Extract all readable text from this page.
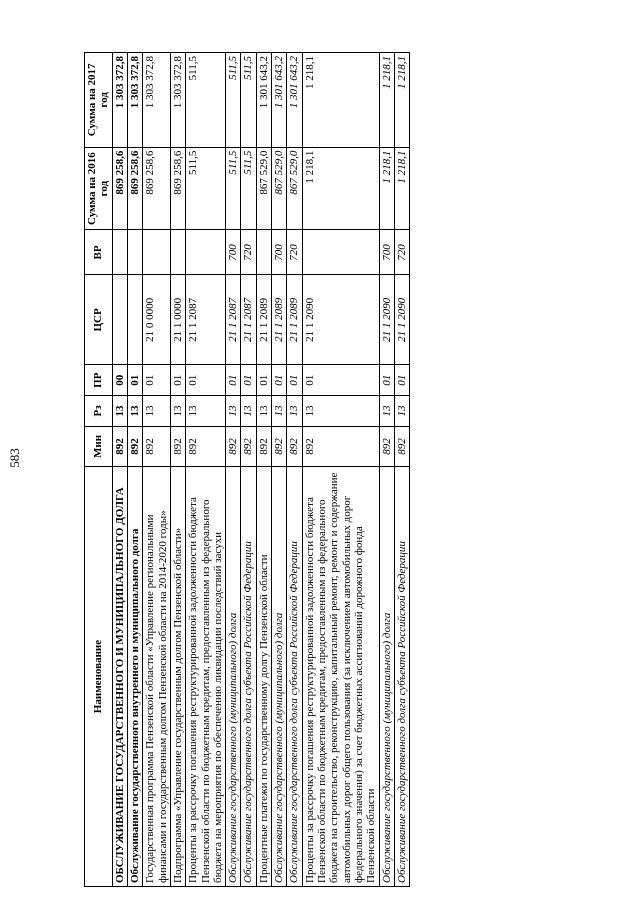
583
Наименование	Мин	Рз	ПР	ЦСР	ВР	Сумма на 2016 год	Сумма на 2017 год
ОБСЛУЖИВАНИЕ ГОСУДАРСТВЕННОГО И МУНИЦИПАЛЬНОГО ДОЛГА	892	13	00			869 258,6	1 303 372,8
Обслуживание государственного внутреннего и муниципального долга	892	13	01			869 258,6	1 303 372,8
Государственная программа Пензенской области «Управление региональными финансами и государственным долгом Пензенской области на 2014-2020 годы»	892	13	01	21 0 0000		869 258,6	1 303 372,8
Подпрограмма «Управление государственным долгом Пензенской области»	892	13	01	21 1 0000		869 258,6	1 303 372,8
Проценты за рассрочку погашения реструктурированной задолженности бюджета Пензенской области по бюджетным кредитам, предоставленным из федерального бюджета на мероприятия по обеспечению ликвидации последствий засухи	892	13	01	21 1 2087		511,5	511,5
Обслуживание государственного (муниципального) долга	892	13	01	21 1 2087	700	511,5	511,5
Обслуживание государственного долга субъекта Российской Федерации	892	13	01	21 1 2087	720	511,5	511,5
Процентные платежи по государственному долгу Пензенской области	892	13	01	21 1 2089		867 529,0	1 301 643,2
Обслуживание государственного (муниципального) долга	892	13	01	21 1 2089	700	867 529,0	1 301 643,2
Обслуживание государственного долга субъекта Российской Федерации	892	13	01	21 1 2089	720	867 529,0	1 301 643,2
Проценты за рассрочку погашения реструктурированной задолженности бюджета Пензенской области по бюджетным кредитам, предоставленным из федерального бюджета на строительство, реконструкцию, капитальный ремонт, ремонт и содержание автомобильных дорог общего пользования (за исключением автомобильных дорог федерального значения) за счет бюджетных ассигнований дорожного фонда Пензенской области	892	13	01	21 1 2090		1 218,1	1 218,1
Обслуживание государственного (муниципального) долга	892	13	01	21 1 2090	700	1 218,1	1 218,1
Обслуживание государственного долга субъекта Российской Федерации	892	13	01	21 1 2090	720	1 218,1	1 218,1
